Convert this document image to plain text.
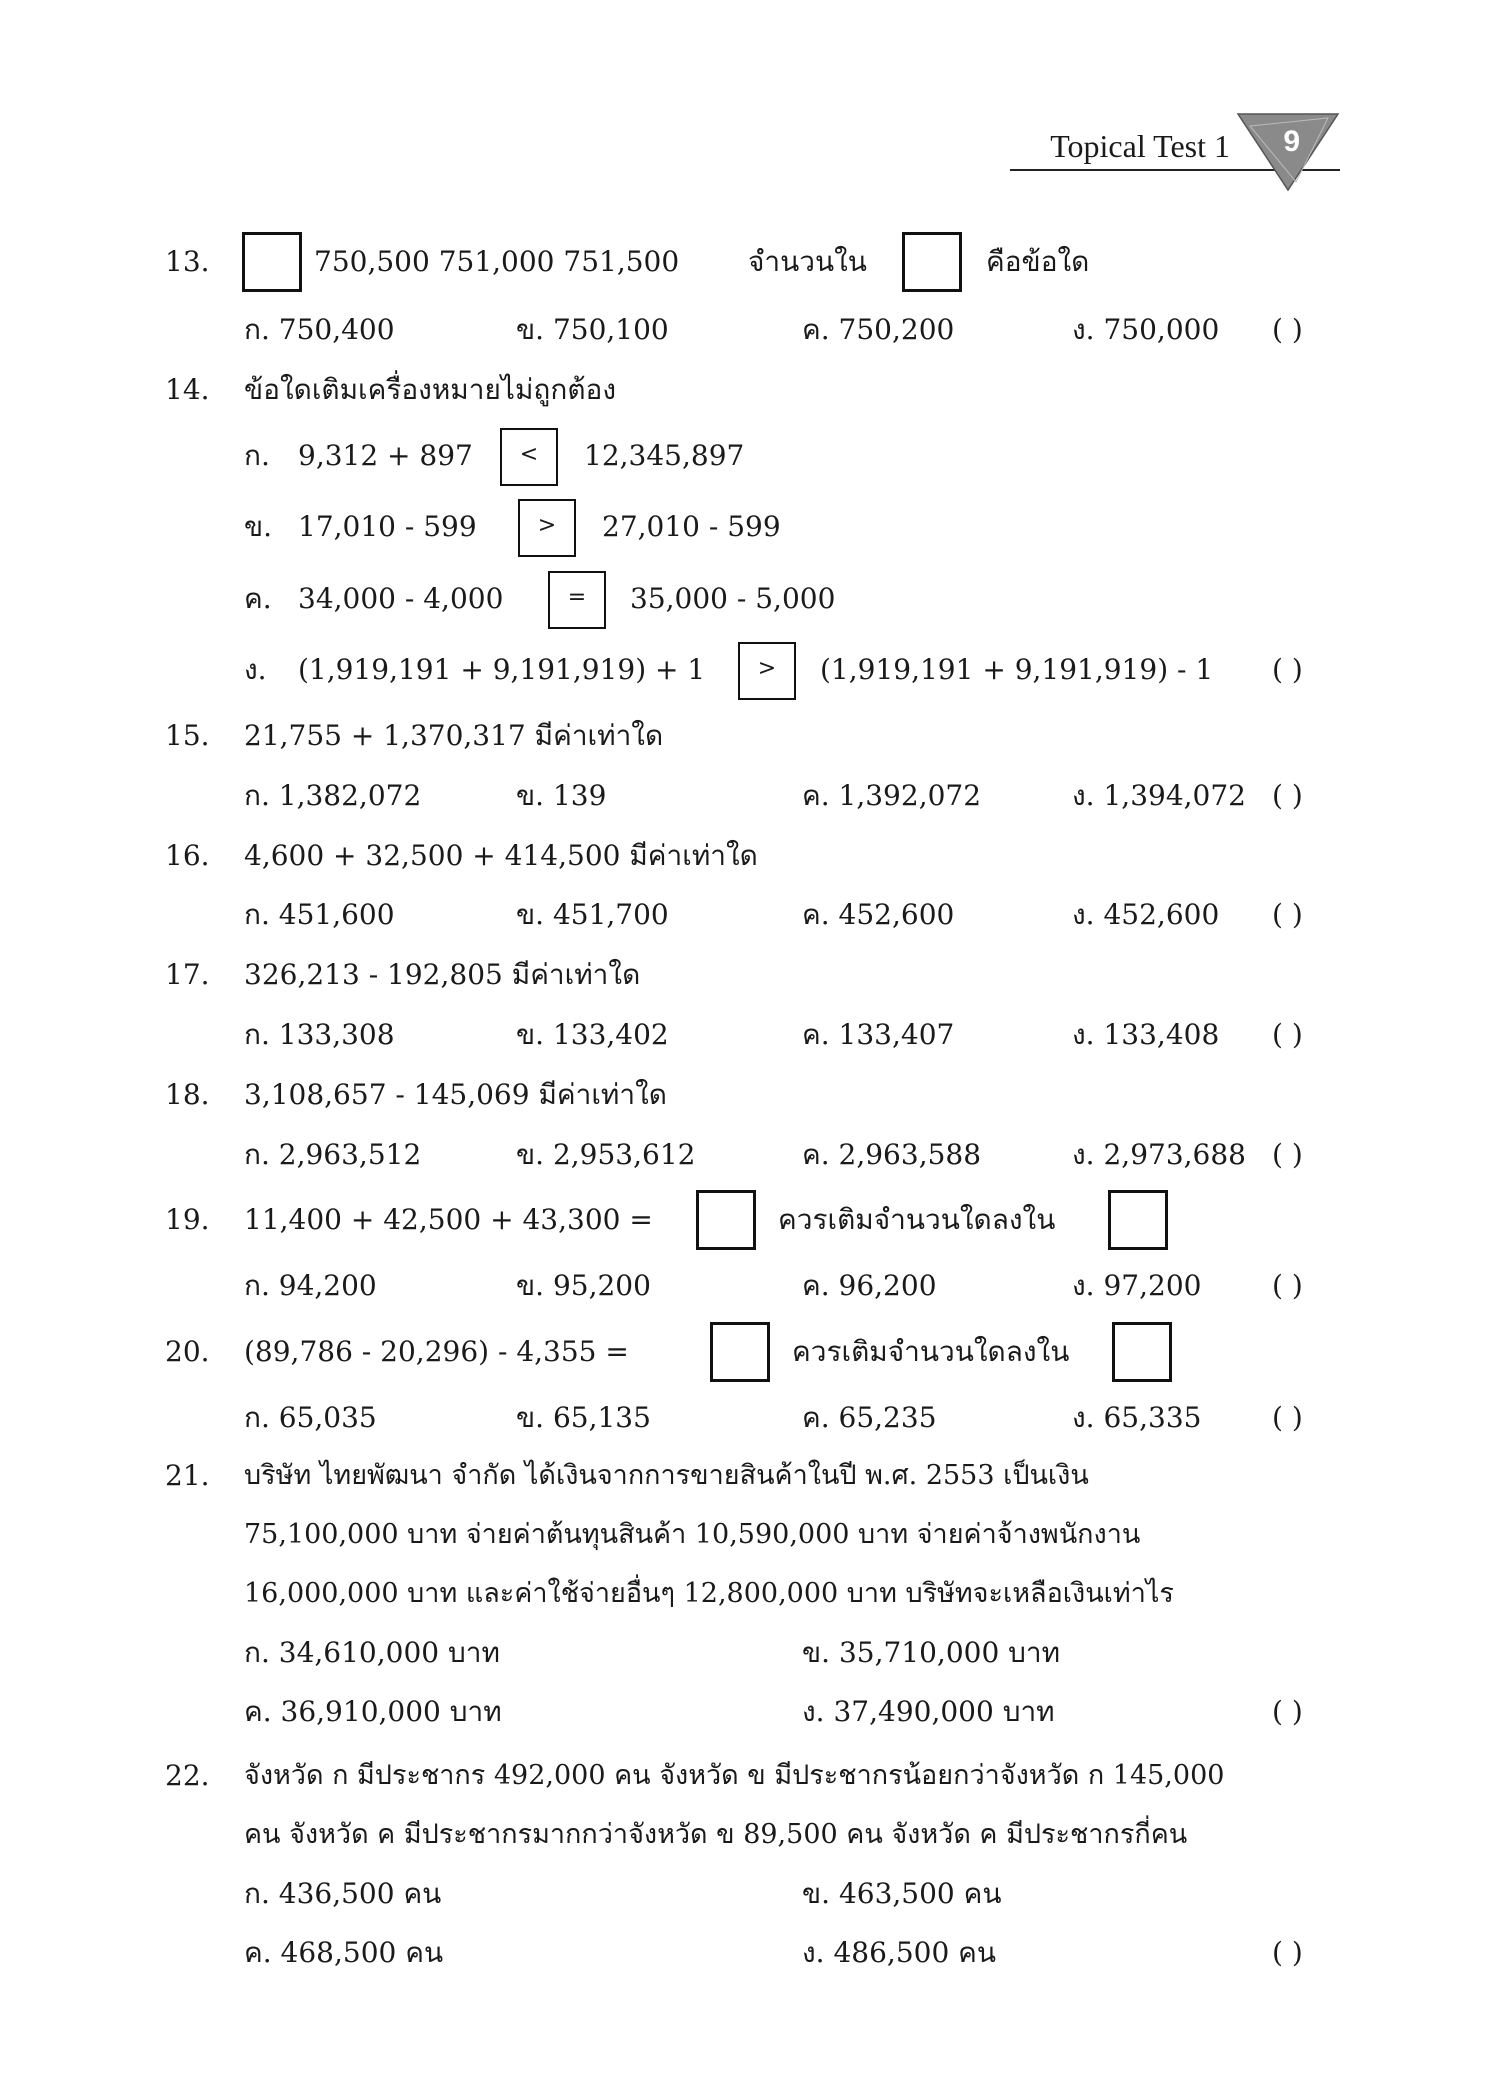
Topical Test 1 9
13.	750,500 751,000 751,500 จำนวนใน	คือข้อใด
ก. 750,400	ข. 750,100	ค. 750,200	ง. 750,000 ( )
14.	ข้อใดเติมเครื่องหมายไม่ถูกต้อง
ก. 9,312 + 897	<	12,345,897
ข. 17,010 - 599	>	27,010 - 599
ค. 34,000 - 4,000	=	35,000 - 5,000
ง. (1,919,191 + 9,191,919) + 1	>	(1,919,191 + 9,191,919) - 1 ( )
15.	21,755 + 1,370,317 มีค่าเท่าใด
ก. 1,382,072	ข. 139	ค. 1,392,072	ง. 1,394,072 ( )
16.	4,600 + 32,500 + 414,500 มีค่าเท่าใด
ก. 451,600	ข. 451,700	ค. 452,600	ง. 452,600 ( )
17.	326,213 - 192,805 มีค่าเท่าใด
ก. 133,308	ข. 133,402	ค. 133,407	ง. 133,408 ( )
18.	3,108,657 - 145,069 มีค่าเท่าใด
ก. 2,963,512	ข. 2,953,612	ค. 2,963,588	ง. 2,973,688 ( )
19.	11,400 + 42,500 + 43,300 =	ควรเติมจำนวนใดลงใน
ก. 94,200	ข. 95,200	ค. 96,200	ง. 97,200	( )
20.	(89,786 - 20,296) - 4,355 =	ควรเติมจำนวนใดลงใน
ก. 65,035	ข. 65,135	ค. 65,235	ง. 65,335	( )
21.	บริษัท ไทยพัฒนา จำกัด ได้เงินจากการขายสินค้าในปี พ.ศ. 2553 เป็นเงิน
75,100,000 บาท จ่ายค่าต้นทุนสินค้า 10,590,000 บาท จ่ายค่าจ้างพนักงาน
16,000,000 บาท และค่าใช้จ่ายอื่นๆ 12,800,000 บาท บริษัทจะเหลือเงินเท่าไร
ก. 34,610,000 บาท	ข. 35,710,000 บาท
ค. 36,910,000 บาท	ง. 37,490,000 บาท	( )
22.	จังหวัด ก มีประชากร 492,000 คน จังหวัด ข มีประชากรน้อยกว่าจังหวัด ก 145,000
คน จังหวัด ค มีประชากรมากกว่าจังหวัด ข 89,500 คน จังหวัด ค มีประชากรกี่คน
ก. 436,500 คน	ข. 463,500 คน
ค. 468,500 คน	ง. 486,500 คน	( )
